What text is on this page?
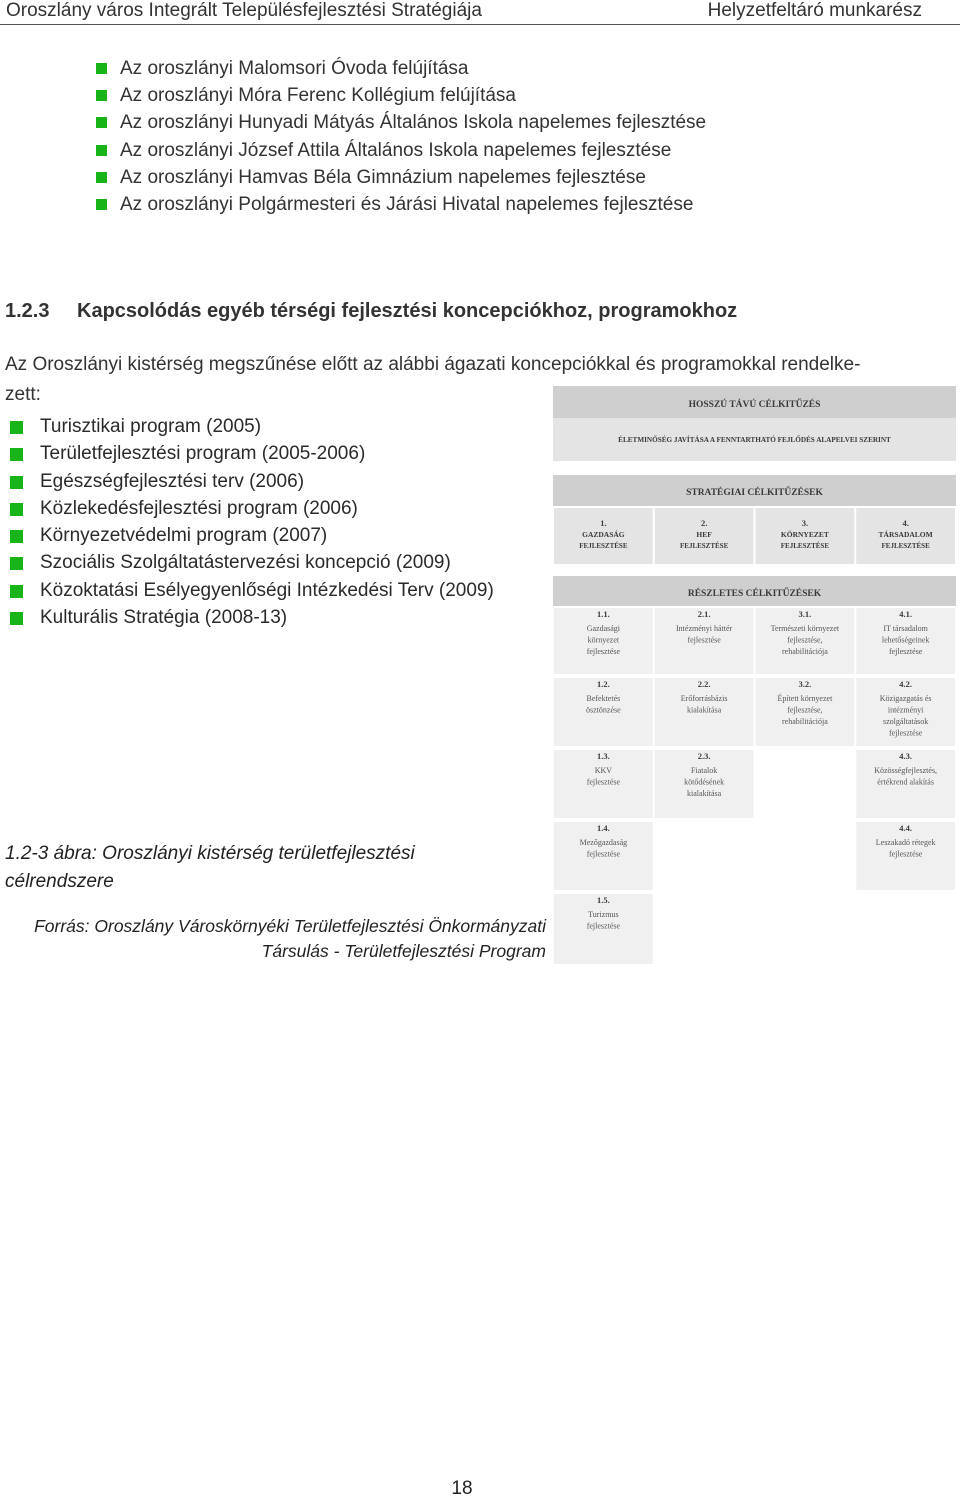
Oroszlány város Integrált Településfejlesztési Stratégiája	Helyzetfeltáró munkarész
Az oroszlányi Malomsori Óvoda felújítása
Az oroszlányi Móra Ferenc Kollégium felújítása
Az oroszlányi Hunyadi Mátyás Általános Iskola napelemes fejlesztése
Az oroszlányi József Attila Általános Iskola napelemes fejlesztése
Az oroszlányi Hamvas Béla Gimnázium napelemes fejlesztése
Az oroszlányi Polgármesteri és Járási Hivatal napelemes fejlesztése
1.2.3 Kapcsolódás egyéb térségi fejlesztési koncepciókhoz, programokhoz
Az Oroszlányi kistérség megszűnése előtt az alábbi ágazati koncepciókkal és programokkal rendelke-
zett:
Turisztikai program (2005)
Területfejlesztési program (2005-2006)
Egészségfejlesztési terv (2006)
Közlekedésfejlesztési program (2006)
Környezetvédelmi program (2007)
Szociális Szolgáltatástervezési koncepció (2009)
Közoktatási Esélyegyenlőségi Intézkedési Terv (2009)
Kulturális Stratégia (2008-13)
1.2-3 ábra: Oroszlányi kistérség területfejlesztési
célrendszere
Forrás: Oroszlány Városkörnyéki Területfejlesztési Önkormányzati
Társulás - Területfejlesztési Program
HOSSZÚ TÁVÚ CÉLKITŰZÉS
ÉLETMINŐSÉG JAVÍTÁSA A FENNTARTHATÓ FEJLŐDÉS ALAPELVEI SZERINT
STRATÉGIAI CÉLKITŰZÉSEK
1.
GAZDASÁG
FEJLESZTÉSE
2.
HEF
FEJLESZTÉSE
3.
KÖRNYEZET
FEJLESZTÉSE
4.
TÁRSADALOM
FEJLESZTÉSE
RÉSZLETES CÉLKITŰZÉSEK
1.1.
Gazdasági
környezet
fejlesztése
2.1.
Intézményi háttér
fejlesztése
3.1.
Természeti környezet
fejlesztése,
rehabilitációja
4.1.
IT társadalom
lehetőségeinek
fejlesztése
1.2.
Befektetés
ösztönzése
2.2.
Erőforrásbázis
kialakítása
3.2.
Épített környezet
fejlesztése,
rehabilitációja
4.2.
Közigazgatás és
intézményi
szolgáltatások
fejlesztése
1.3.
KKV
fejlesztése
2.3.
Fiatalok
kötődésének
kialakítása
4.3.
Közösségfejlesztés,
értékrend alakítás
1.4.
Mezőgazdaság
fejlesztése
4.4.
Leszakadó rétegek
fejlesztése
1.5.
Turizmus
fejlesztése
18
